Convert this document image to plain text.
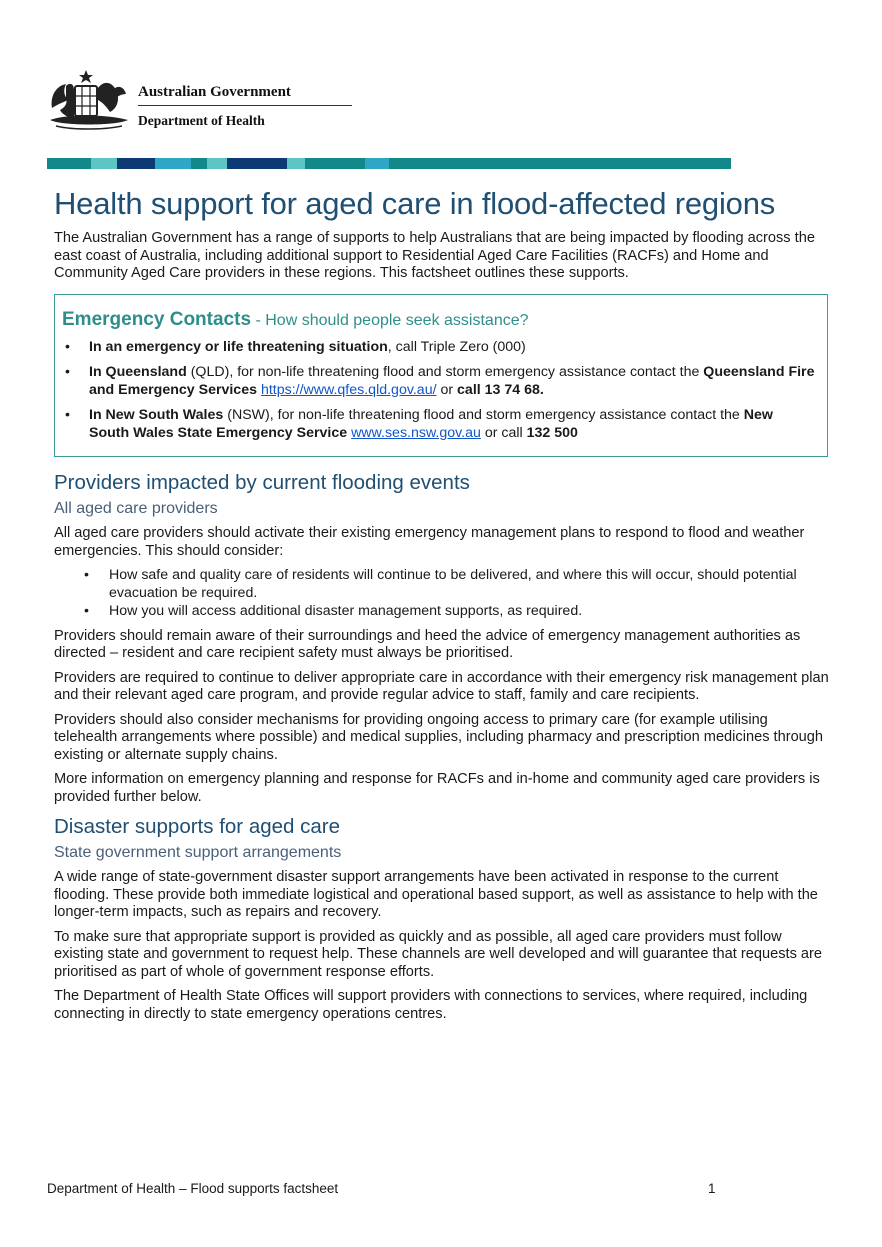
Australian Government
Department of Health
Health support for aged care in flood-affected regions

The Australian Government has a range of supports to help Australians that are being impacted by flooding across the east coast of Australia, including additional support to Residential Aged Care Facilities (RACFs) and Home and Community Aged Care providers in these regions. This factsheet outlines these supports.

Emergency Contacts - How should people seek assistance?
• In an emergency or life threatening situation, call Triple Zero (000)
• In Queensland (QLD), for non-life threatening flood and storm emergency assistance contact the Queensland Fire and Emergency Services https://www.qfes.qld.gov.au/ or call 13 74 68.
• In New South Wales (NSW), for non-life threatening flood and storm emergency assistance contact the New South Wales State Emergency Service www.ses.nsw.gov.au or call 132 500
Providers impacted by current flooding events
All aged care providers

All aged care providers should activate their existing emergency management plans to respond to flood and weather emergencies. This should consider:

• How safe and quality care of residents will continue to be delivered, and where this will occur, should potential evacuation be required.
• How you will access additional disaster management supports, as required.

Providers should remain aware of their surroundings and heed the advice of emergency management authorities as directed – resident and care recipient safety must always be prioritised.

Providers are required to continue to deliver appropriate care in accordance with their emergency risk management plan and their relevant aged care program, and provide regular advice to staff, family and care recipients.

Providers should also consider mechanisms for providing ongoing access to primary care (for example utilising telehealth arrangements where possible) and medical supplies, including pharmacy and prescription medicines through existing or alternate supply chains.

More information on emergency planning and response for RACFs and in-home and community aged care providers is provided further below.

Disaster supports for aged care
State government support arrangements

A wide range of state-government disaster support arrangements have been activated in response to the current flooding. These provide both immediate logistical and operational based support, as well as assistance to help with the longer-term impacts, such as repairs and recovery.

To make sure that appropriate support is provided as quickly and as possible, all aged care providers must follow existing state and government to request help. These channels are well developed and will guarantee that requests are prioritised as part of whole of government response efforts.

The Department of Health State Offices will support providers with connections to services, where required, including connecting in directly to state emergency operations centres.

Department of Health – Flood supports factsheet	1
